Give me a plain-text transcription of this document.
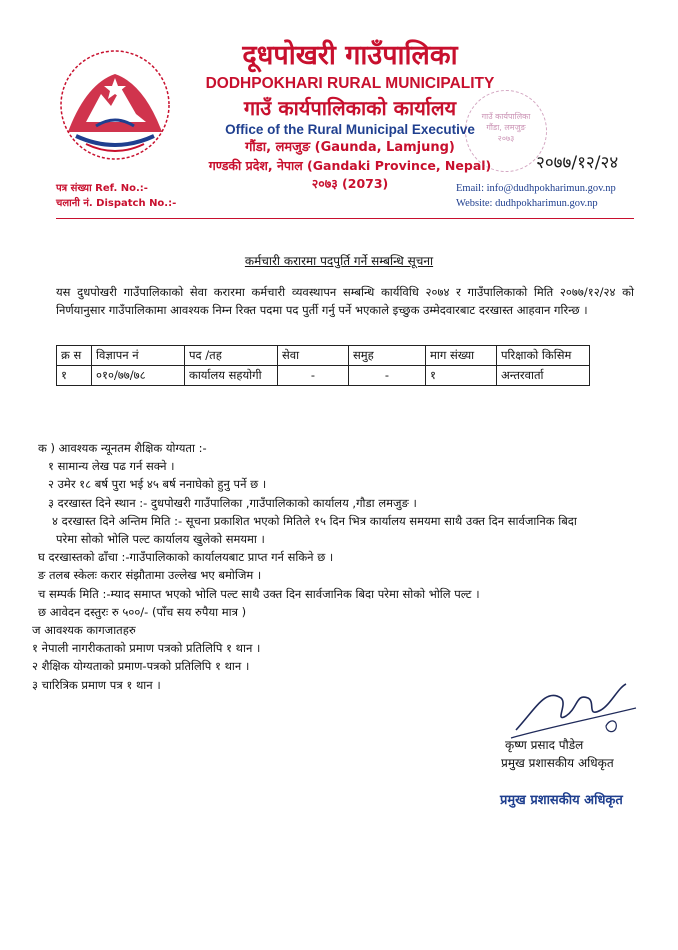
दूधपोखरी गाउँपालिका
DODHPOKHARI RURAL MUNICIPALITY
गाउँ कार्यपालिकाको कार्यालय
Office of the Rural Municipal Executive
गौंडा, लमजुङ (Gaunda, Lamjung)
गण्डकी प्रदेश, नेपाल (Gandaki Province, Nepal)
२०७३ (2073)
गाउँ कार्यपालिका
गौंडा, लमजुङ
२०७३
२०७७/१२/२४
पत्र संख्या Ref. No.:-
चलानी नं. Dispatch No.:-
Email: info@dudhpokharimun.gov.np
Website: dudhpokharimun.gov.np
कर्मचारी करारमा पदपुर्ति गर्ने सम्बन्धि सूचना
यस दुधपोखरी गाउँपालिकाको सेवा करारमा कर्मचारी व्यवस्थापन सम्बन्धि कार्यविधि २०७४ र गाउँपालिकाको मिति २०७७/१२/२४ को निर्णयानुसार गाउँपालिकामा आवश्यक निम्न रिक्त पदमा पद पुर्ती गर्नु पर्ने भएकाले इच्छुक उम्मेदवारबाट दरखास्त आहवान गरिन्छ ।
क्र स	विज्ञापन नं	पद /तह	सेवा	समुह	माग संख्या	परिक्षाको किसिम
१	०१०/७७/७८	कार्यालय सहयोगी	-	-	१	अन्तरवार्ता
क ) आवश्यक न्यूनतम शैक्षिक योग्यता :-
१ सामान्य लेख पढ गर्न सक्ने ।
२ उमेर १८ बर्ष पुरा भई ४५ बर्ष ननाघेको हुनु पर्ने छ ।
३ दरखास्त दिने स्थान :- दुधपोखरी गाउँपालिका ,गाउँपालिकाको कार्यालय ,गौडा लमजुङ ।
४ दरखास्त दिने अन्तिम मिति :- सूचना प्रकाशित भएको मितिले १५ दिन भित्र कार्यालय समयमा साथै उक्त दिन सार्वजानिक बिदा परेमा सोको भोलि पल्ट कार्यालय खुलेको समयमा ।
घ दरखास्तको ढाँचा :-गाउँपालिकाको कार्यालयबाट प्राप्त गर्न सकिने छ ।
ङ तलब स्केलः करार संझौतामा उल्लेख भए बमोजिम ।
च सम्पर्क मिति :-म्याद समाप्त भएको भोलि पल्ट साथै उक्त दिन सार्वजानिक बिदा परेमा सोको भोलि पल्ट ।
छ आवेदन दस्तुरः रु ५००/- (पाँच सय रुपैया मात्र )
ज आवश्यक कागजातहरु
१ नेपाली नागरीकताको प्रमाण पत्रको प्रतिलिपि १ थान ।
२ शैक्षिक योग्यताको प्रमाण-पत्रको प्रतिलिपि १ थान ।
३ चारित्रिक प्रमाण पत्र १ थान ।
कृष्ण प्रसाद पौडेल
प्रमुख प्रशासकीय अधिकृत
प्रमुख प्रशासकीय अधिकृत
